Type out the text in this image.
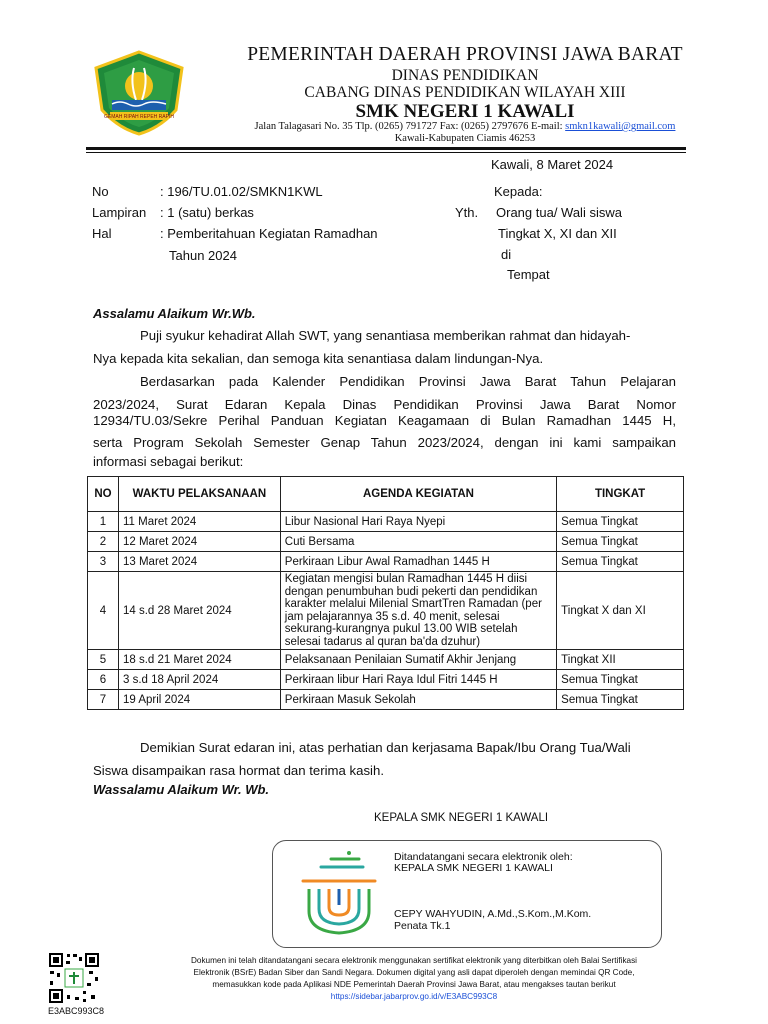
GEMAH RIPAH REPEH RAPIH
PEMERINTAH DAERAH PROVINSI JAWA BARAT
DINAS PENDIDIKAN
CABANG DINAS PENDIDIKAN WILAYAH XIII
SMK NEGERI 1 KAWALI
Jalan Talagasari No. 35 Tlp. (0265) 791727 Fax: (0265) 2797676 E-mail: smkn1kawali@gmail.com
Kawali-Kabupaten Ciamis 46253
Kawali, 8 Maret 2024
No	: 196/TU.01.02/SMKN1KWL
Lampiran : 1 (satu) berkas
Hal	: Pemberitahuan Kegiatan Ramadhan
Tahun 2024
Kepada:
Yth. Orang tua/ Wali siswa
Tingkat X, XI dan XII
di
Tempat
Assalamu Alaikum Wr.Wb.
Puji syukur kehadirat Allah SWT, yang senantiasa memberikan rahmat dan hidayah-
Nya kepada kita sekalian, dan semoga kita senantiasa dalam lindungan-Nya.
Berdasarkan pada Kalender Pendidikan Provinsi Jawa Barat Tahun Pelajaran
2023/2024, Surat Edaran Kepala Dinas Pendidikan Provinsi Jawa Barat Nomor
12934/TU.03/Sekre Perihal Panduan Kegiatan Keagamaan di Bulan Ramadhan 1445 H,
serta Program Sekolah Semester Genap Tahun 2023/2024, dengan ini kami sampaikan
informasi sebagai berikut:
NO	WAKTU PELAKSANAAN	AGENDA KEGIATAN	TINGKAT
1	11 Maret 2024	Libur Nasional Hari Raya Nyepi	Semua Tingkat
2	12 Maret 2024	Cuti Bersama	Semua Tingkat
3	13 Maret 2024	Perkiraan Libur Awal Ramadhan 1445 H	Semua Tingkat
4	14 s.d 28 Maret 2024	Kegiatan mengisi bulan Ramadhan 1445 H diisi dengan penumbuhan budi pekerti dan pendidikan karakter melalui Milenial SmartTren Ramadan (per jam pelajarannya 35 s.d. 40 menit, selesai sekurang-kurangnya pukul 13.00 WIB setelah selesai tadarus al quran ba'da dzuhur)	Tingkat X dan XI
5	18 s.d 21 Maret 2024	Pelaksanaan Penilaian Sumatif Akhir Jenjang	Tingkat XII
6	3 s.d 18 April 2024	Perkiraan libur Hari Raya Idul Fitri 1445 H	Semua Tingkat
7	19 April 2024	Perkiraan Masuk Sekolah	Semua Tingkat
Demikian Surat edaran ini, atas perhatian dan kerjasama Bapak/Ibu Orang Tua/Wali
Siswa disampaikan rasa hormat dan terima kasih.
Wassalamu Alaikum Wr. Wb.
KEPALA SMK NEGERI 1 KAWALI
Ditandatangani secara elektronik oleh:
KEPALA SMK NEGERI 1 KAWALI
CEPY WAHYUDIN, A.Md.,S.Kom.,M.Kom.
Penata Tk.1
E3ABC993C8
Dokumen ini telah ditandatangani secara elektronik menggunakan sertifikat elektronik yang diterbitkan oleh Balai Sertifikasi
Elektronik (BSrE) Badan Siber dan Sandi Negara. Dokumen digital yang asli dapat diperoleh dengan memindai QR Code,
memasukkan kode pada Aplikasi NDE Pemerintah Daerah Provinsi Jawa Barat, atau mengakses tautan berikut
https://sidebar.jabarprov.go.id/v/E3ABC993C8
